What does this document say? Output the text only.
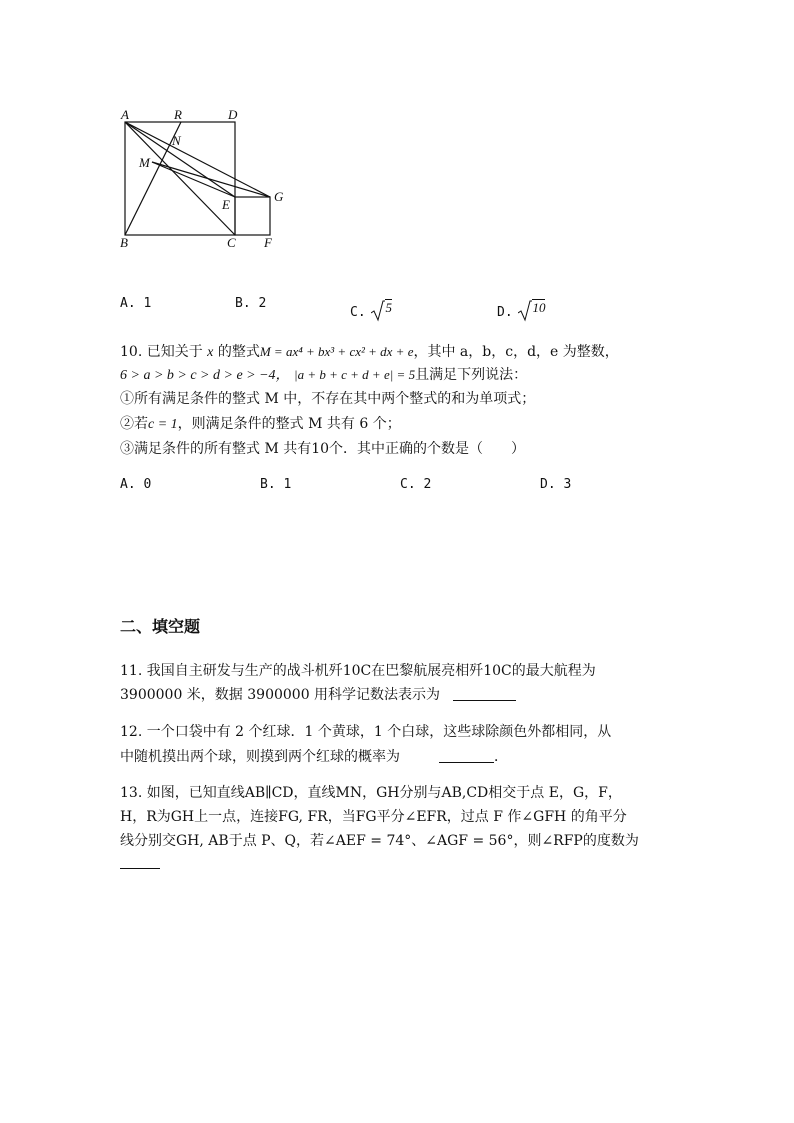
A	R	D
N
M
E
G
B	C F
A. 1	B. 2
C. 5	D. 10
10. 已知关于 x 的整式M = ax⁴ + bx³ + cx² + dx + e，其中 a，b，c，d，e 为整数，
6 > a > b > c > d > e > −4， |a + b + c + d + e| = 5且满足下列说法：
①所有满足条件的整式 M 中，不存在其中两个整式的和为单项式；
②若c = 1，则满足条件的整式 M 共有 6 个；
③满足条件的所有整式 M 共有10个．其中正确的个数是（　　）
A. 0	B. 1	C. 2	D. 3
二、填空题
11. 我国自主研发与生产的战斗机歼10C在巴黎航展亮相歼10C的最大航程为
3900000 米，数据 3900000 用科学记数法表示为
12. 一个口袋中有 2 个红球．1 个黄球，1 个白球，这些球除颜色外都相同，从
中随机摸出两个球，则摸到两个红球的概率为	．
13. 如图，已知直线AB∥CD，直线MN，GH分别与AB,CD相交于点 E，G，F，
H，R为GH上一点，连接FG, FR，当FG平分∠EFR，过点 F 作∠GFH 的角平分
线分别交GH, AB于点 P、Q，若∠AEF = 74°、∠AGF = 56°，则∠RFP的度数为
